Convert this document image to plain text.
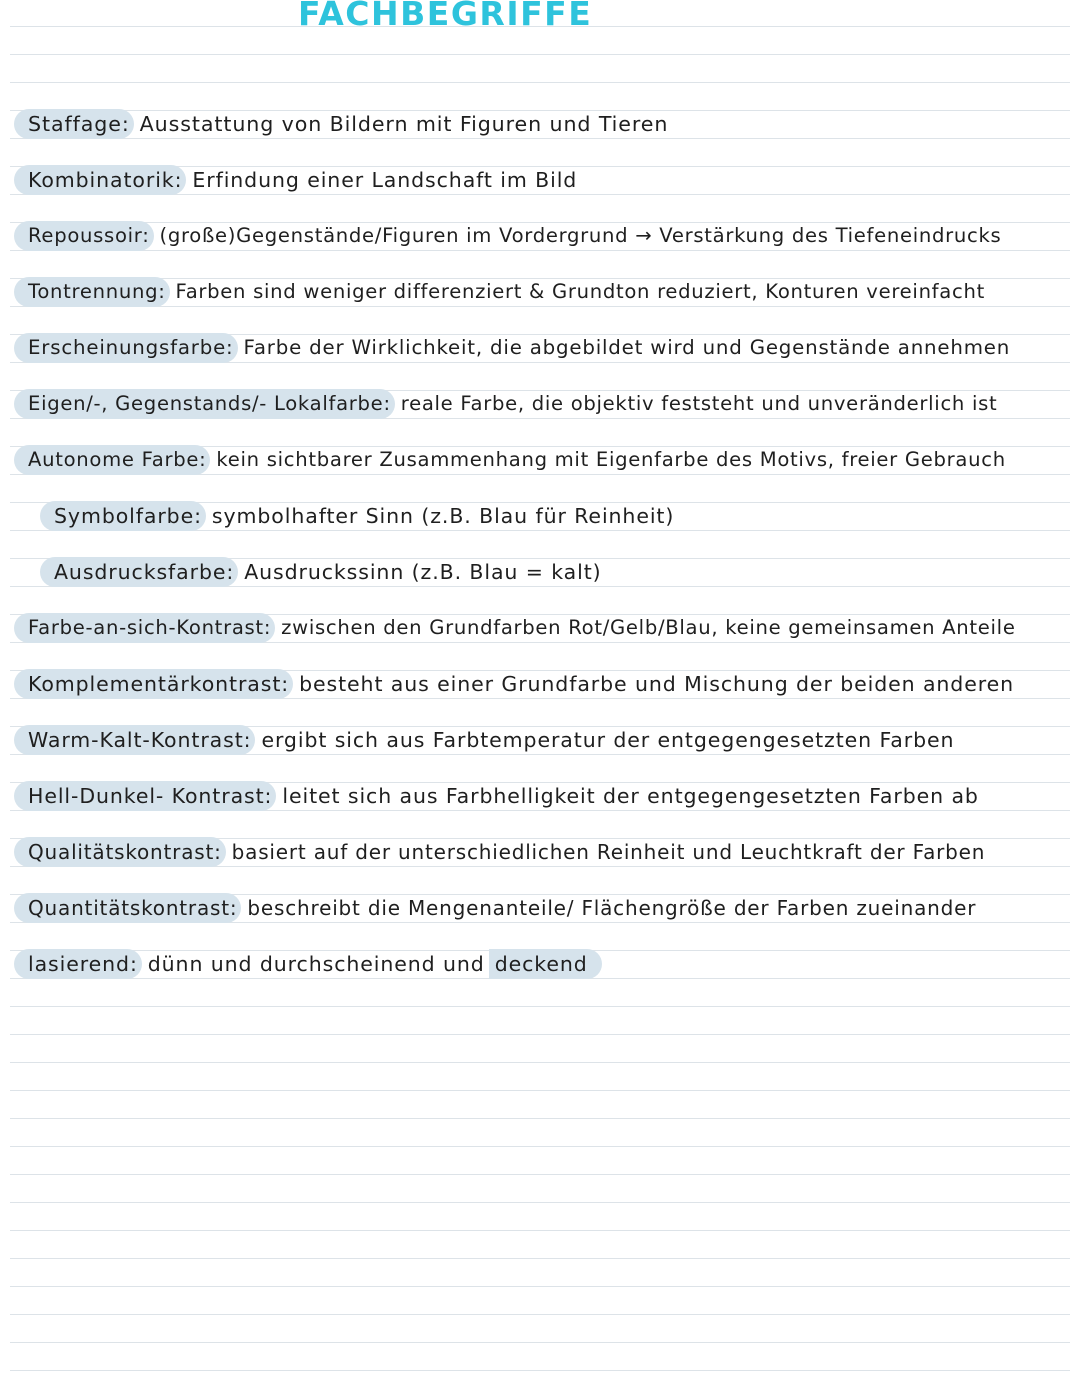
FACHBEGRIFFE
Staffage: Ausstattung von Bildern mit Figuren und Tieren
Kombinatorik: Erfindung einer Landschaft im Bild
Repoussoir: (große)Gegenstände/Figuren im Vordergrund → Verstärkung des Tiefeneindrucks
Tontrennung: Farben sind weniger differenziert & Grundton reduziert, Konturen vereinfacht
Erscheinungsfarbe: Farbe der Wirklichkeit, die abgebildet wird und Gegenstände annehmen
Eigen/-, Gegenstands/- Lokalfarbe: reale Farbe, die objektiv feststeht und unveränderlich ist
Autonome Farbe: kein sichtbarer Zusammenhang mit Eigenfarbe des Motivs, freier Gebrauch
Symbolfarbe: symbolhafter Sinn (z.B. Blau für Reinheit)
Ausdrucksfarbe: Ausdruckssinn (z.B. Blau = kalt)
Farbe-an-sich-Kontrast: zwischen den Grundfarben Rot/Gelb/Blau, keine gemeinsamen Anteile
Komplementärkontrast: besteht aus einer Grundfarbe und Mischung der beiden anderen
Warm-Kalt-Kontrast: ergibt sich aus Farbtemperatur der entgegengesetzten Farben
Hell-Dunkel- Kontrast: leitet sich aus Farbhelligkeit der entgegengesetzten Farben ab
Qualitätskontrast: basiert auf der unterschiedlichen Reinheit und Leuchtkraft der Farben
Quantitätskontrast: beschreibt die Mengenanteile/ Flächengröße der Farben zueinander
lasierend: dünn und durchscheinend und deckend
